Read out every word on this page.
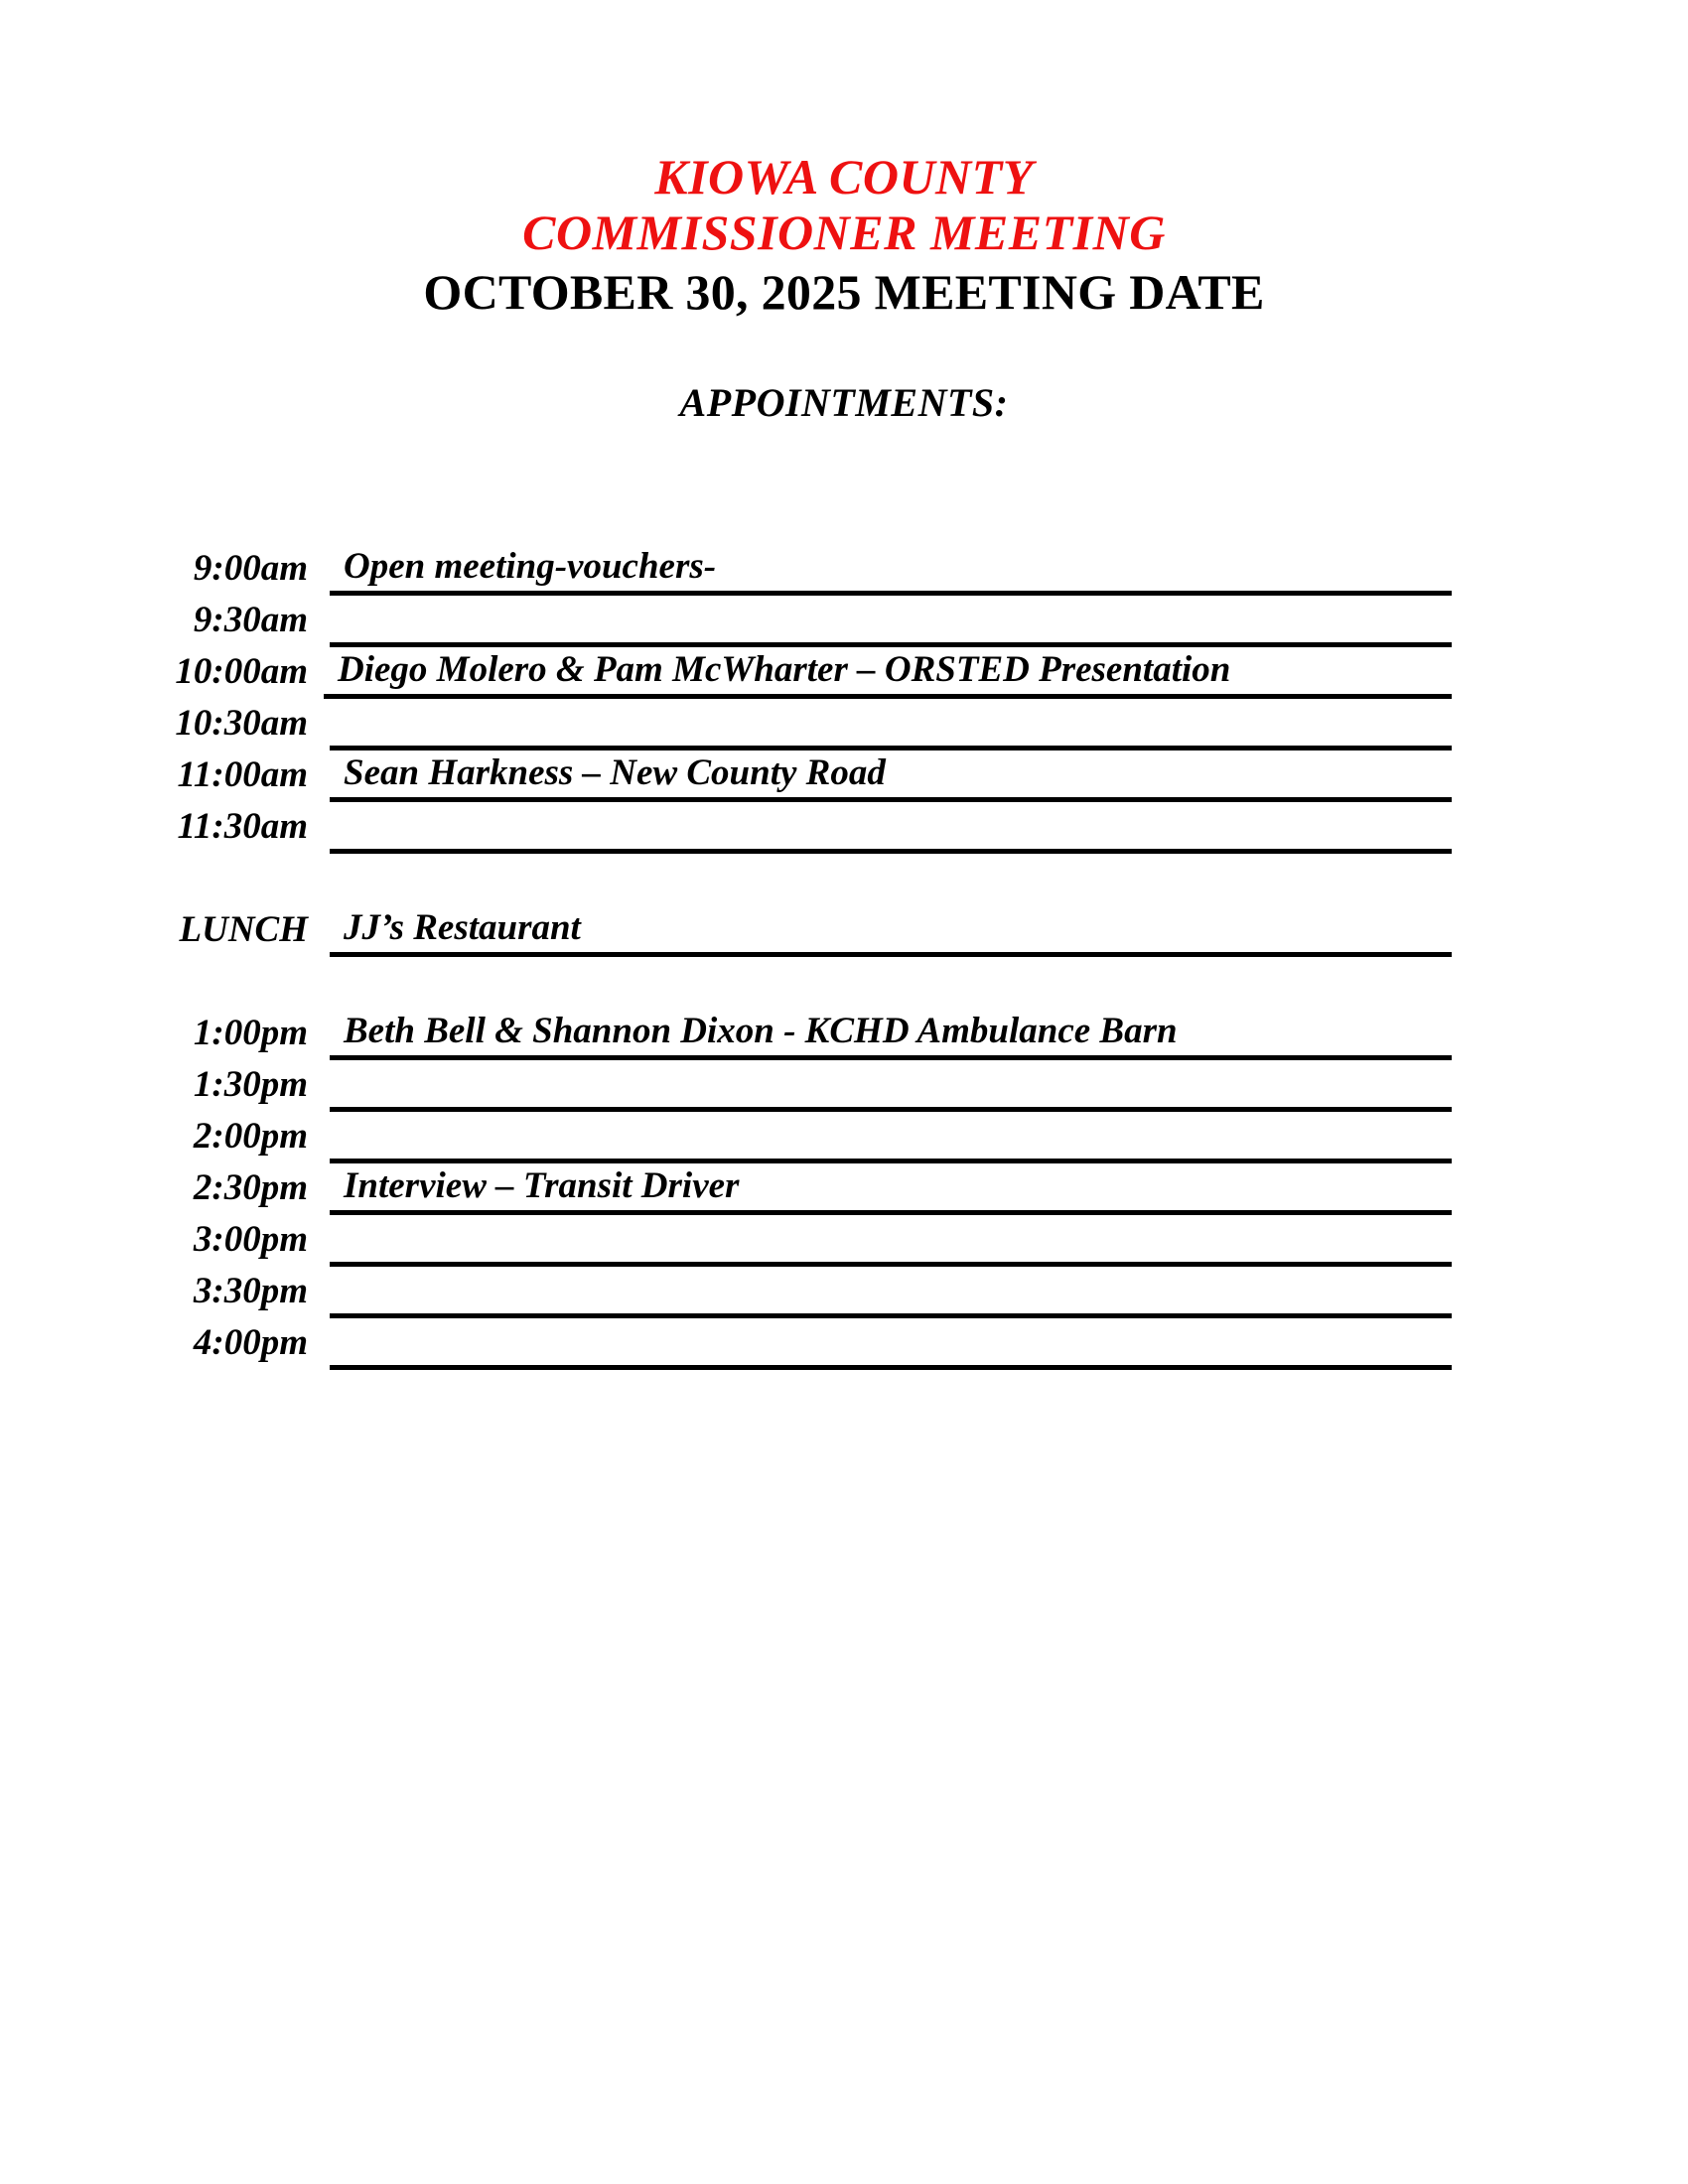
KIOWA COUNTY
COMMISSIONER MEETING
OCTOBER 30, 2025 MEETING DATE
APPOINTMENTS:
9:00am Open meeting-vouchers-
9:30am
10:00am Diego Molero & Pam McWharter – ORSTED Presentation
10:30am
11:00am Sean Harkness – New County Road
11:30am
LUNCH JJ’s Restaurant
1:00pm Beth Bell & Shannon Dixon - KCHD Ambulance Barn
1:30pm
2:00pm
2:30pm Interview – Transit Driver
3:00pm
3:30pm
4:00pm
